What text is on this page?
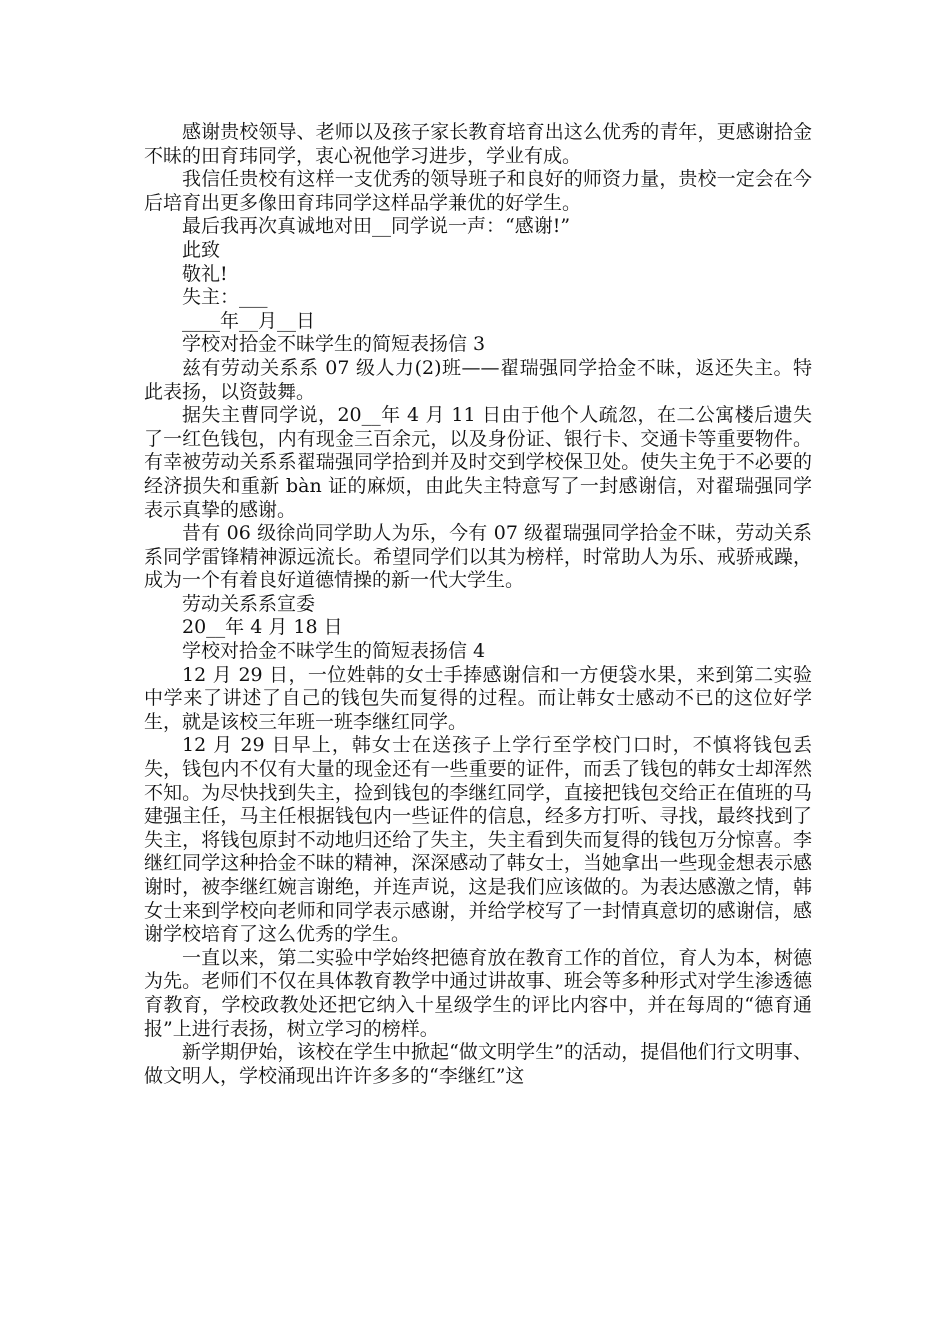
感谢贵校领导、老师以及孩子家长教育培育出这么优秀的青年，更感谢拾金不昧的田育玮同学，衷心祝他学习进步，学业有成。

我信任贵校有这样一支优秀的领导班子和良好的师资力量，贵校一定会在今后培育出更多像田育玮同学这样品学兼优的好学生。

最后我再次真诚地对田__同学说一声：“感谢!”

此致

敬礼!

失主：___

____年__月__日

学校对拾金不昧学生的简短表扬信 3

兹有劳动关系系 07 级人力(2)班——翟瑞强同学拾金不昧，返还失主。特此表扬，以资鼓舞。

据失主曹同学说，20__年 4 月 11 日由于他个人疏忽，在二公寓楼后遗失了一红色钱包，内有现金三百余元，以及身份证、银行卡、交通卡等重要物件。有幸被劳动关系系翟瑞强同学拾到并及时交到学校保卫处。使失主免于不必要的经济损失和重新 bàn 证的麻烦，由此失主特意写了一封感谢信，对翟瑞强同学表示真挚的感谢。

昔有 06 级徐尚同学助人为乐，今有 07 级翟瑞强同学拾金不昧，劳动关系系同学雷锋精神源远流长。希望同学们以其为榜样，时常助人为乐、戒骄戒躁，成为一个有着良好道德情操的新一代大学生。

劳动关系系宣委

20__年 4 月 18 日

学校对拾金不昧学生的简短表扬信 4

12 月 29 日，一位姓韩的女士手捧感谢信和一方便袋水果，来到第二实验中学来了讲述了自己的钱包失而复得的过程。而让韩女士感动不已的这位好学生，就是该校三年班一班李继红同学。

12 月 29 日早上，韩女士在送孩子上学行至学校门口时，不慎将钱包丢失，钱包内不仅有大量的现金还有一些重要的证件，而丢了钱包的韩女士却浑然不知。为尽快找到失主，捡到钱包的李继红同学，直接把钱包交给正在值班的马建强主任，马主任根据钱包内一些证件的信息，经多方打听、寻找，最终找到了失主，将钱包原封不动地归还给了失主，失主看到失而复得的钱包万分惊喜。李继红同学这种拾金不昧的精神，深深感动了韩女士，当她拿出一些现金想表示感谢时，被李继红婉言谢绝，并连声说，这是我们应该做的。为表达感激之情，韩女士来到学校向老师和同学表示感谢，并给学校写了一封情真意切的感谢信，感谢学校培育了这么优秀的学生。

一直以来，第二实验中学始终把德育放在教育工作的首位，育人为本，树德为先。老师们不仅在具体教育教学中通过讲故事、班会等多种形式对学生渗透德育教育，学校政教处还把它纳入十星级学生的评比内容中，并在每周的“德育通报”上进行表扬，树立学习的榜样。

新学期伊始，该校在学生中掀起“做文明学生”的活动，提倡他们行文明事、做文明人，学校涌现出许许多多的“李继红”这
